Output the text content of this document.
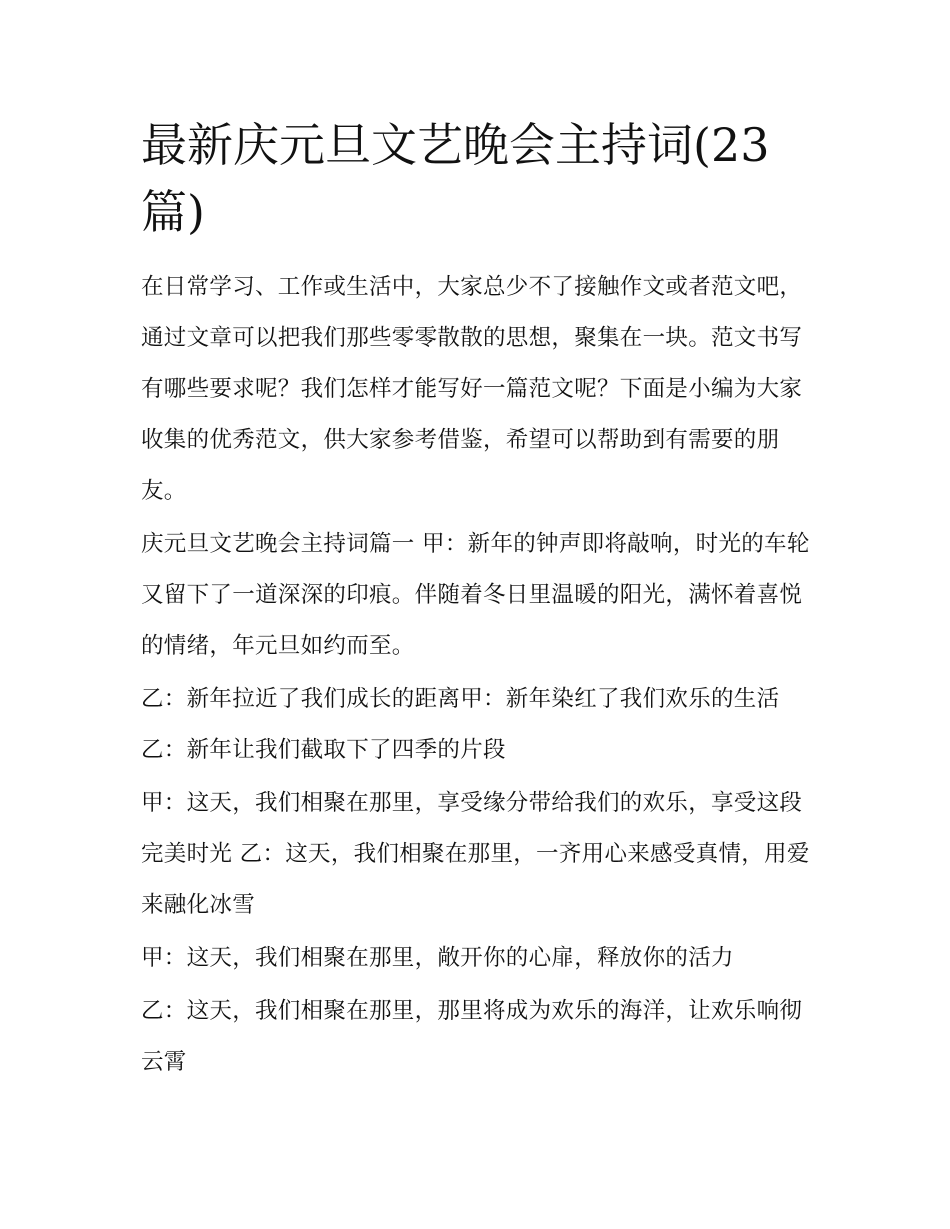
最新庆元旦文艺晚会主持词(23
篇)

在日常学习、工作或生活中，大家总少不了接触作文或者范文吧，通过文章可以把我们那些零零散散的思想，聚集在一块。范文书写有哪些要求呢？我们怎样才能写好一篇范文呢？下面是小编为大家收集的优秀范文，供大家参考借鉴，希望可以帮助到有需要的朋友。

庆元旦文艺晚会主持词篇一 甲：新年的钟声即将敲响，时光的车轮又留下了一道深深的印痕。伴随着冬日里温暖的阳光，满怀着喜悦的情绪，年元旦如约而至。

乙：新年拉近了我们成长的距离甲：新年染红了我们欢乐的生活 乙：新年让我们截取下了四季的片段

甲：这天，我们相聚在那里，享受缘分带给我们的欢乐，享受这段完美时光 乙：这天，我们相聚在那里，一齐用心来感受真情，用爱来融化冰雪

甲：这天，我们相聚在那里，敞开你的心扉，释放你的活力

乙：这天，我们相聚在那里，那里将成为欢乐的海洋，让欢乐响彻云霄
